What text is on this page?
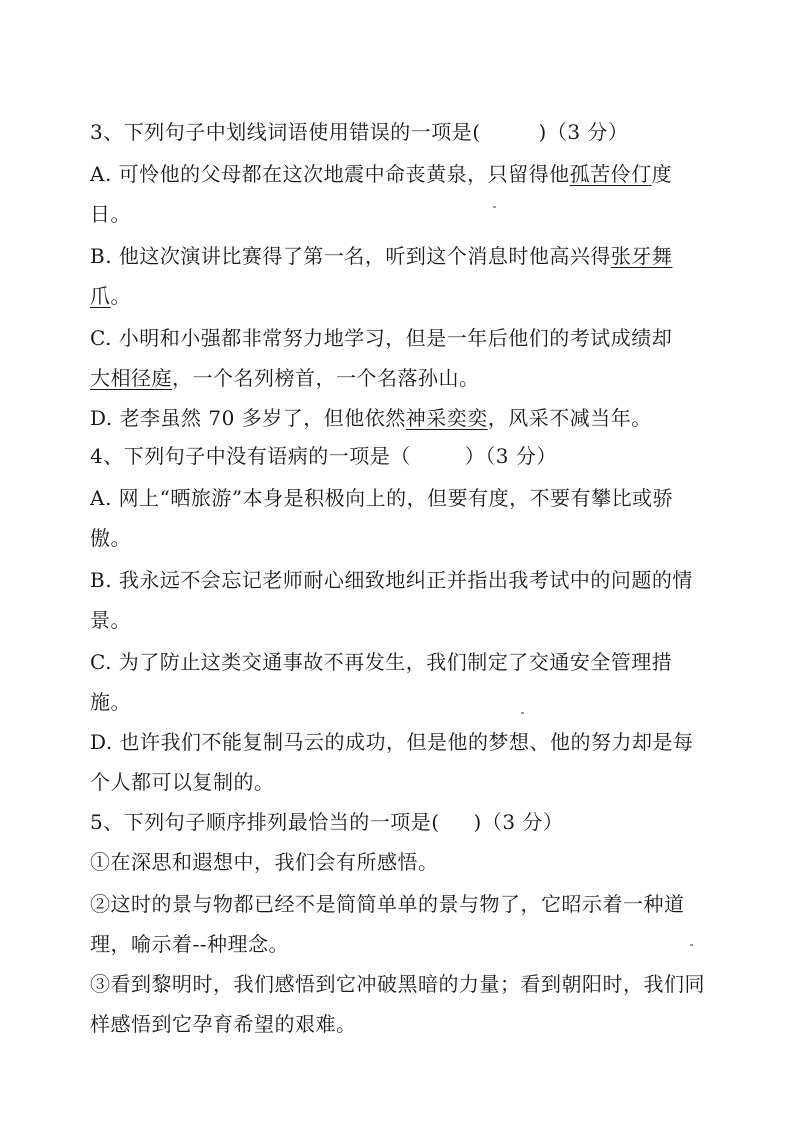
3、下列句子中划线词语使用错误的一项是(	)（3 分）
A. 可怜他的父母都在这次地震中命丧黄泉，只留得他孤苦伶仃度
日。
B. 他这次演讲比赛得了第一名，听到这个消息时他高兴得张牙舞
爪。
C. 小明和小强都非常努力地学习，但是一年后他们的考试成绩却
大相径庭，一个名列榜首，一个名落孙山。
D. 老李虽然 70 多岁了，但他依然神采奕奕，风采不减当年。
4、下列句子中没有语病的一项是（	）（3 分）
A. 网上“晒旅游”本身是积极向上的，但要有度，不要有攀比或骄
傲。
B. 我永远不会忘记老师耐心细致地纠正并指出我考试中的问题的情
景。
C. 为了防止这类交通事故不再发生，我们制定了交通安全管理措
施。
D. 也许我们不能复制马云的成功，但是他的梦想、他的努力却是每
个人都可以复制的。
5、下列句子顺序排列最恰当的一项是( )（3 分）
①在深思和遐想中，我们会有所感悟。
②这时的景与物都已经不是简简单单的景与物了，它昭示着一种道
理，喻示着--种理念。
③看到黎明时，我们感悟到它冲破黑暗的力量；看到朝阳时，我们同
样感悟到它孕育希望的艰难。
